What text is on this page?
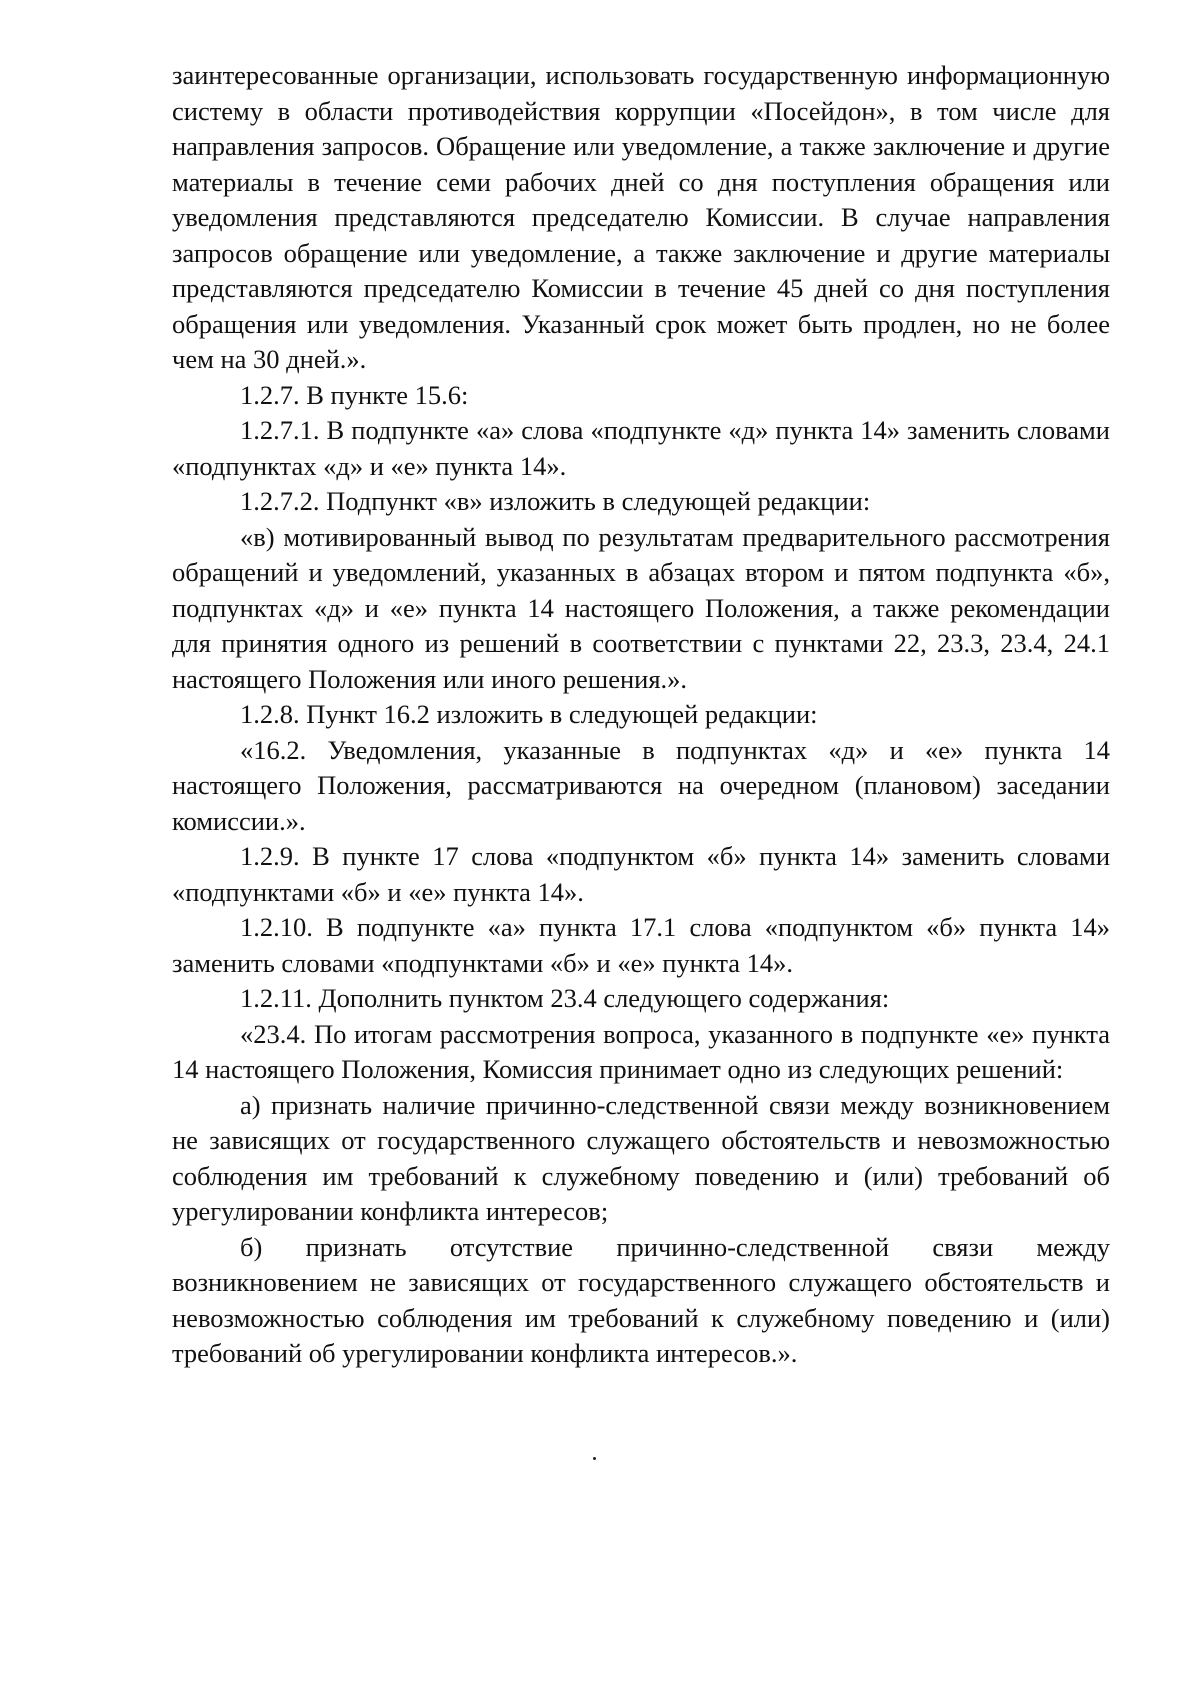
заинтересованные организации, использовать государственную информационную систему в области противодействия коррупции «Посейдон», в том числе для направления запросов. Обращение или уведомление, а также заключение и другие материалы в течение семи рабочих дней со дня поступления обращения или уведомления представляются председателю Комиссии. В случае направления запросов обращение или уведомление, а также заключение и другие материалы представляются председателю Комиссии в течение 45 дней со дня поступления обращения или уведомления. Указанный срок может быть продлен, но не более чем на 30 дней.».

1.2.7. В пункте 15.6:

1.2.7.1. В подпункте «а» слова «подпункте «д» пункта 14» заменить словами «подпунктах «д» и «е» пункта 14».

1.2.7.2. Подпункт «в» изложить в следующей редакции:

«в) мотивированный вывод по результатам предварительного рассмотрения обращений и уведомлений, указанных в абзацах втором и пятом подпункта «б», подпунктах «д» и «е» пункта 14 настоящего Положения, а также рекомендации для принятия одного из решений в соответствии с пунктами 22, 23.3, 23.4, 24.1 настоящего Положения или иного решения.».

1.2.8. Пункт 16.2 изложить в следующей редакции:

«16.2. Уведомления, указанные в подпунктах «д» и «е» пункта 14 настоящего Положения, рассматриваются на очередном (плановом) заседании комиссии.».

1.2.9. В пункте 17 слова «подпунктом «б» пункта 14» заменить словами «подпунктами «б» и «е» пункта 14».

1.2.10. В подпункте «а» пункта 17.1 слова «подпунктом «б» пункта 14» заменить словами «подпунктами «б» и «е» пункта 14».

1.2.11. Дополнить пунктом 23.4 следующего содержания:

«23.4. По итогам рассмотрения вопроса, указанного в подпункте «е» пункта 14 настоящего Положения, Комиссия принимает одно из следующих решений:

а) признать наличие причинно-следственной связи между возникновением не зависящих от государственного служащего обстоятельств и невозможностью соблюдения им требований к служебному поведению и (или) требований об урегулировании конфликта интересов;

б) признать отсутствие причинно-следственной связи между возникновением не зависящих от государственного служащего обстоятельств и невозможностью соблюдения им требований к служебному поведению и (или) требований об урегулировании конфликта интересов.».
